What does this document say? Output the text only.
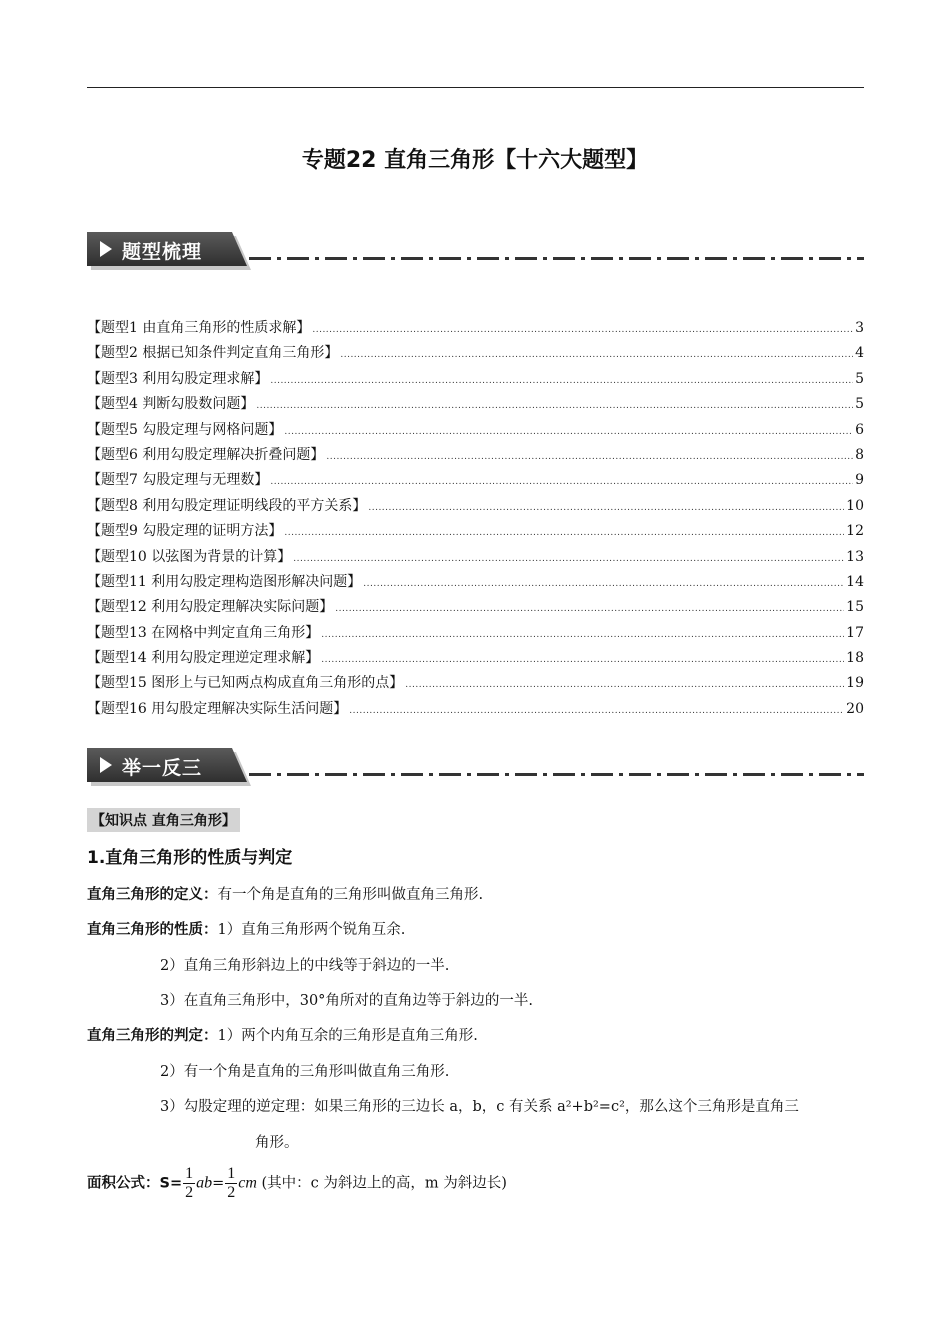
专题22 直角三角形【十六大题型】
题型梳理
【题型1 由直角三角形的性质求解】 .....	3
【题型2 根据已知条件判定直角三角形】 .....	4
【题型3 利用勾股定理求解】 .....	5
【题型4 判断勾股数问题】 .....	5
【题型5 勾股定理与网格问题】 .....	6
【题型6 利用勾股定理解决折叠问题】 .....	8
【题型7 勾股定理与无理数】 .....	9
【题型8 利用勾股定理证明线段的平方关系】 .....	10
【题型9 勾股定理的证明方法】 .....	12
【题型10 以弦图为背景的计算】 .....	13
【题型11 利用勾股定理构造图形解决问题】 .....	14
【题型12 利用勾股定理解决实际问题】 .....	15
【题型13 在网格中判定直角三角形】 .....	17
【题型14 利用勾股定理逆定理求解】 .....	18
【题型15 图形上与已知两点构成直角三角形的点】 .....	19
【题型16 用勾股定理解决实际生活问题】 .....	20
举一反三
【知识点 直角三角形】
1.直角三角形的性质与判定
直角三角形的定义：有一个角是直角的三角形叫做直角三角形.
直角三角形的性质：1）直角三角形两个锐角互余.
2）直角三角形斜边上的中线等于斜边的一半.
3）在直角三角形中，30°角所对的直角边等于斜边的一半.
直角三角形的判定：1）两个内角互余的三角形是直角三角形.
2）有一个角是直角的三角形叫做直角三角形.
3）勾股定理的逆定理：如果三角形的三边长 a，b，c 有关系 a²+b²=c²，那么这个三角形是直角三
角形。
面积公式：$S= \frac{1}{2} ab= \frac{1}{2}$ cm (其中：c 为斜边上的高，m 为斜边长)
